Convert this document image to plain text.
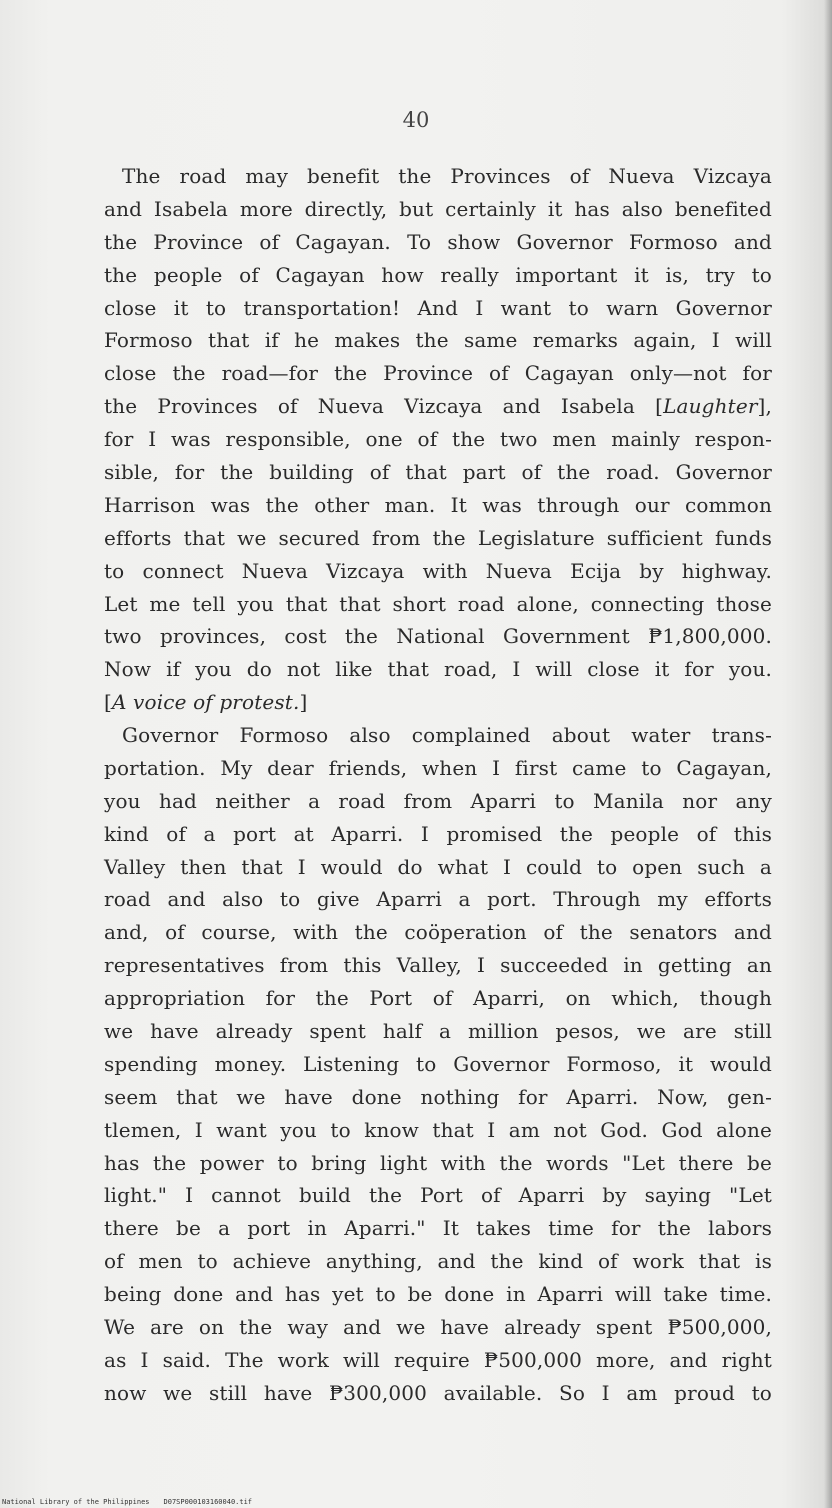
40
The road may benefit the Provinces of Nueva Vizcaya
and Isabela more directly, but certainly it has also benefited
the Province of Cagayan. To show Governor Formoso and
the people of Cagayan how really important it is, try to
close it to transportation! And I want to warn Governor
Formoso that if he makes the same remarks again, I will
close the road—for the Province of Cagayan only—not for
the Provinces of Nueva Vizcaya and Isabela [Laughter],
for I was responsible, one of the two men mainly respon-
sible, for the building of that part of the road. Governor
Harrison was the other man. It was through our common
efforts that we secured from the Legislature sufficient funds
to connect Nueva Vizcaya with Nueva Ecija by highway.
Let me tell you that that short road alone, connecting those
two provinces, cost the National Government ₱1,800,000.
Now if you do not like that road, I will close it for you.
[A voice of protest.]
Governor Formoso also complained about water trans-
portation. My dear friends, when I first came to Cagayan,
you had neither a road from Aparri to Manila nor any
kind of a port at Aparri. I promised the people of this
Valley then that I would do what I could to open such a
road and also to give Aparri a port. Through my efforts
and, of course, with the coöperation of the senators and
representatives from this Valley, I succeeded in getting an
appropriation for the Port of Aparri, on which, though
we have already spent half a million pesos, we are still
spending money. Listening to Governor Formoso, it would
seem that we have done nothing for Aparri. Now, gen-
tlemen, I want you to know that I am not God. God alone
has the power to bring light with the words "Let there be
light." I cannot build the Port of Aparri by saying "Let
there be a port in Aparri." It takes time for the labors
of men to achieve anything, and the kind of work that is
being done and has yet to be done in Aparri will take time.
We are on the way and we have already spent ₱500,000,
as I said. The work will require ₱500,000 more, and right
now we still have ₱300,000 available. So I am proud to
National Library of the Philippines D07SP000103160040.tif
